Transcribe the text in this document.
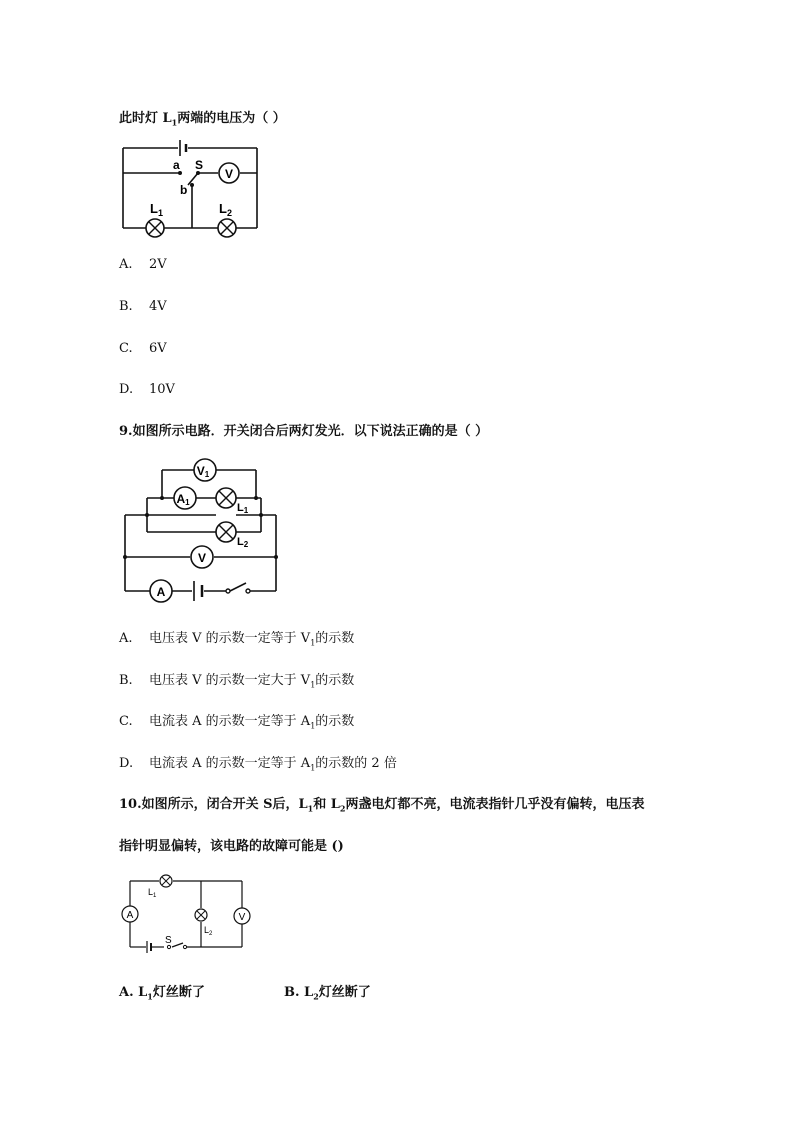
此时灯 $L_1$两端的电压为（ ）
V
a
b
S
$L_1$	$L_2$
A. 2V
B. 4V
C. 6V
D. 10V
9.如图所示电路．开关闭合后两灯发光．以下说法正确的是（ ）
V1
A1	L1
L2
V
A
A. 电压表 V 的示数一定等于 $V_1$的示数
B. 电压表 V 的示数一定大于 $V_1$的示数
C. 电流表 A 的示数一定等于 $A_1$的示数
D. 电流表 A 的示数一定等于 $A_1$的示数的 2 倍
10.如图所示，闭合开关 S后，$L_1$和 $L_2$两盏电灯都不亮，电流表指针几乎没有偏转，电压表
指针明显偏转，该电路的故障可能是 ()
A	V
$L_1$
$L_2$
S
A. $L_1$灯丝断了	B. $L_2$灯丝断了
